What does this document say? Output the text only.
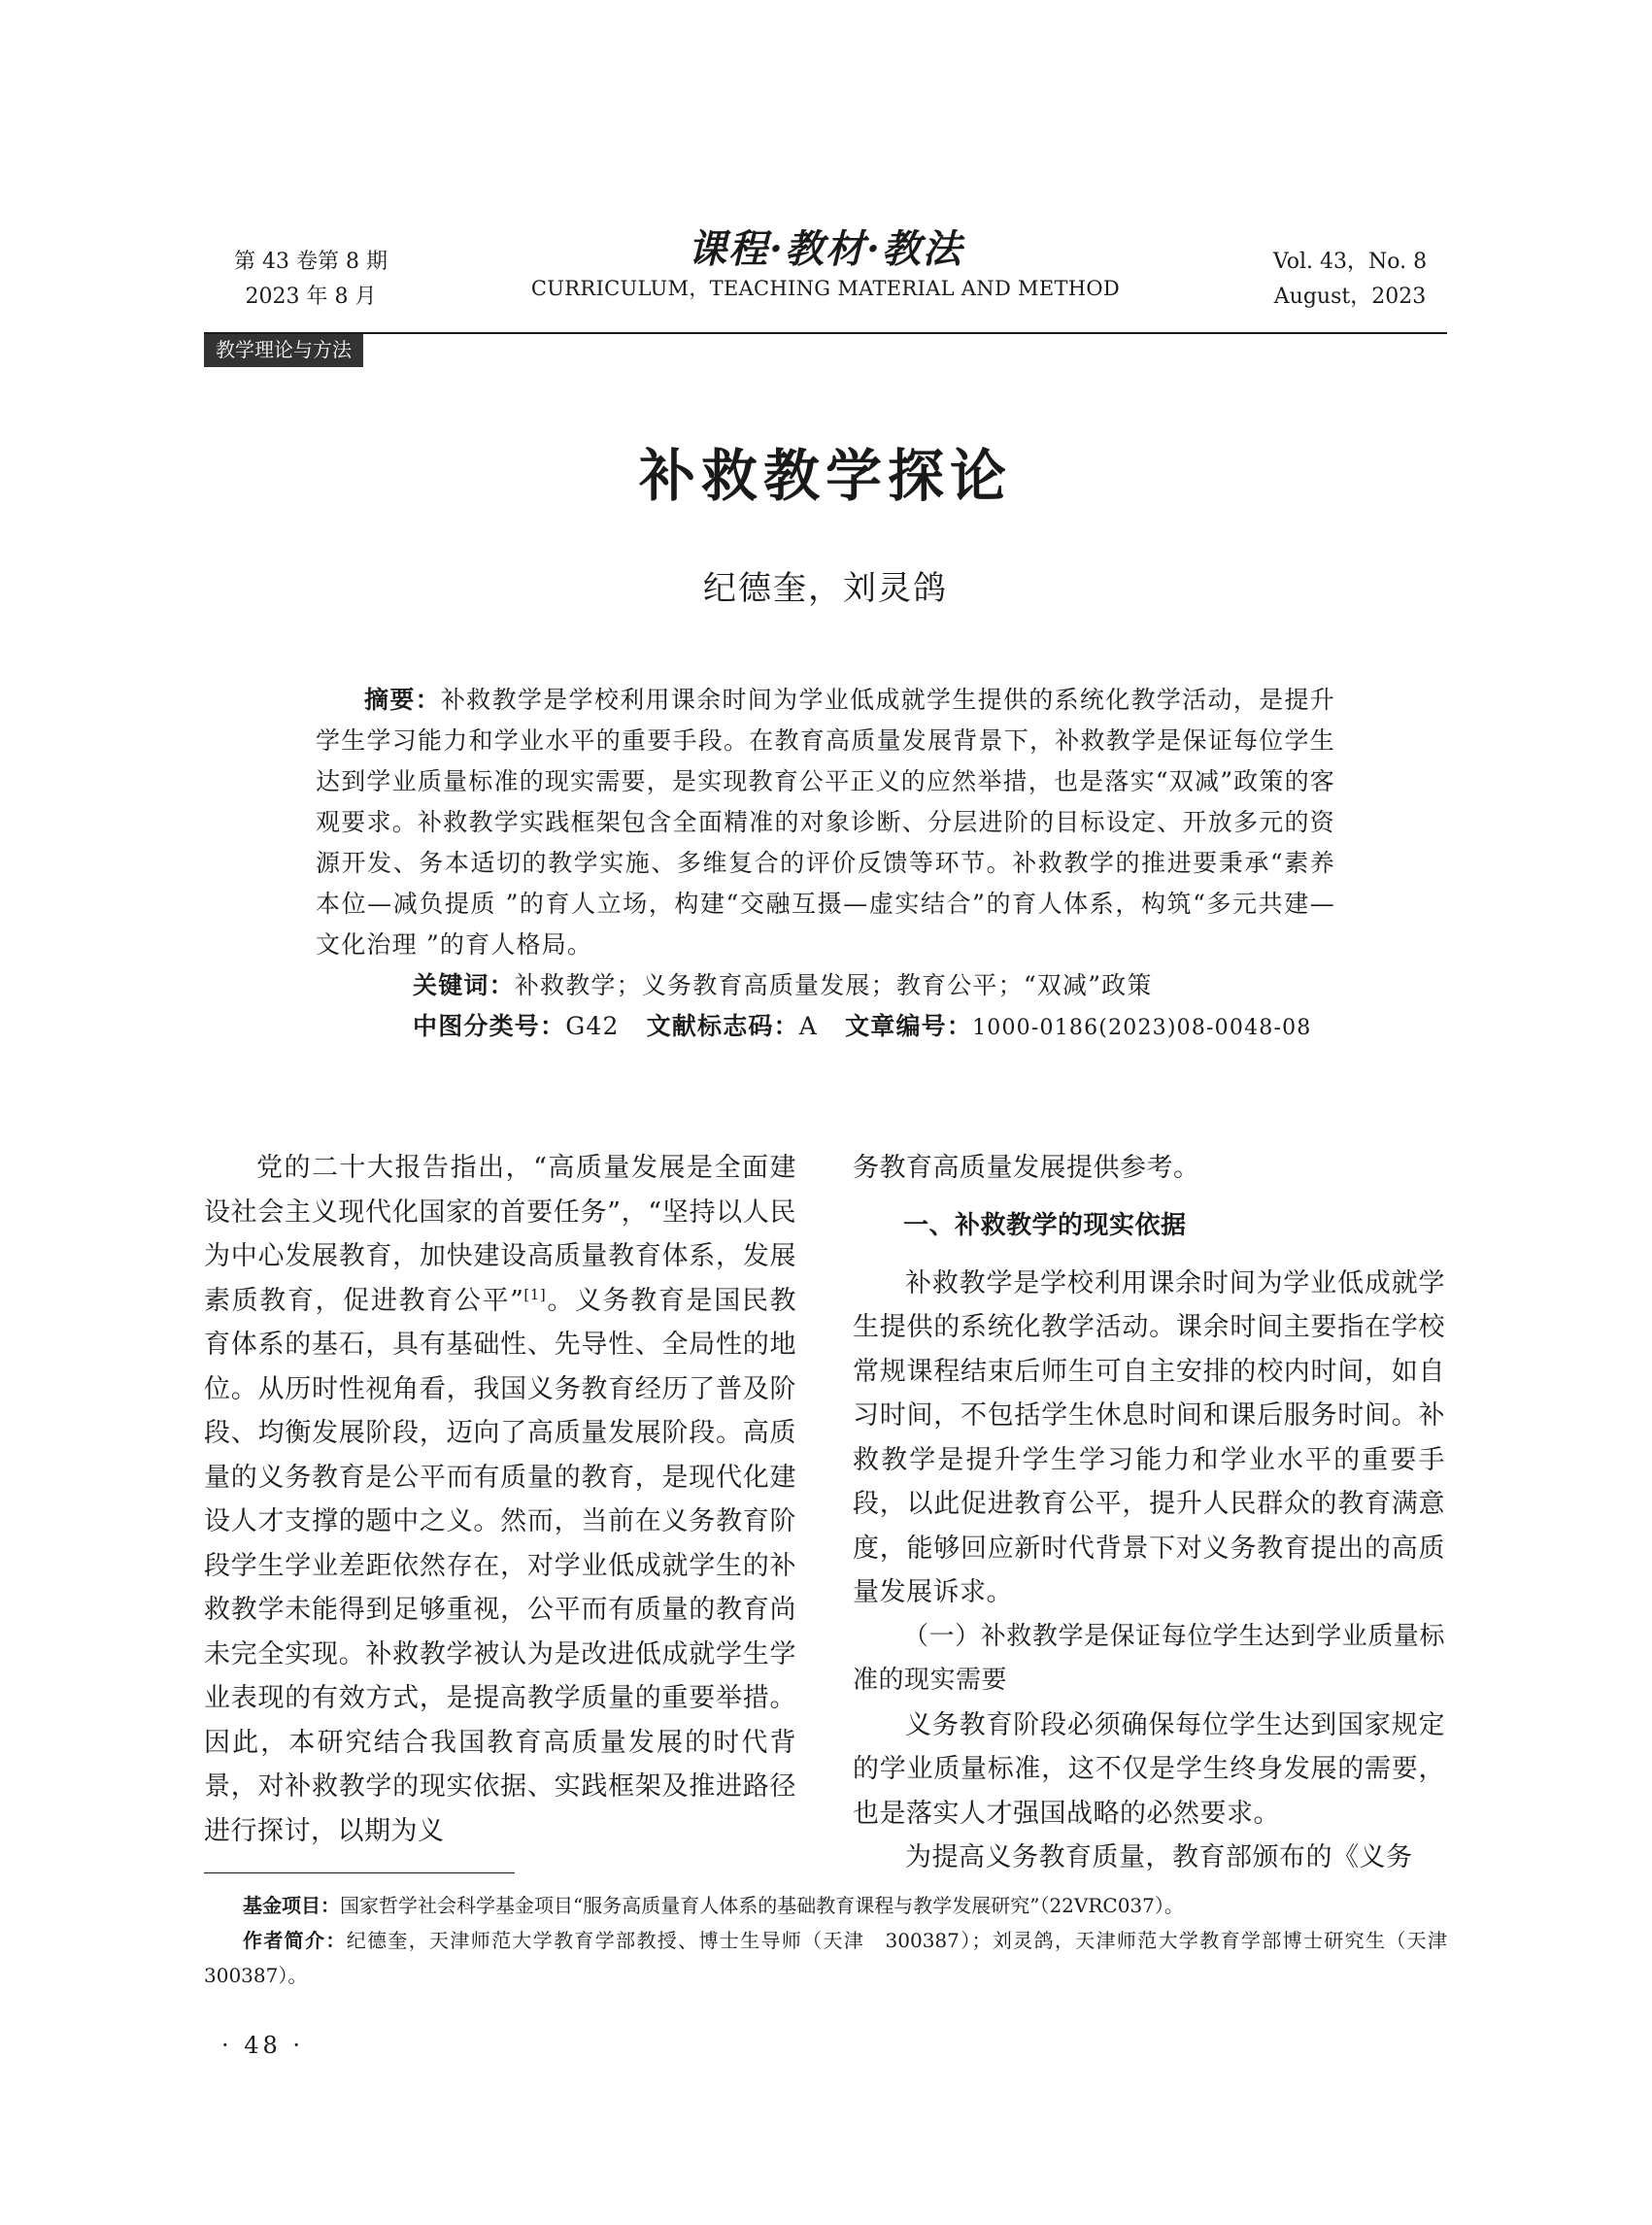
第 43 卷第 8 期
2023 年 8 月
课程·教材·教法
CURRICULUM，TEACHING MATERIAL AND METHOD
Vol. 43，No. 8
August，2023
教学理论与方法
补救教学探论
纪德奎，刘灵鸽

摘要：补救教学是学校利用课余时间为学业低成就学生提供的系统化教学活动，是提升学生学习能力和学业水平的重要手段。在教育高质量发展背景下，补救教学是保证每位学生达到学业质量标准的现实需要，是实现教育公平正义的应然举措，也是落实“双减”政策的客观要求。补救教学实践框架包含全面精准的对象诊断、分层进阶的目标设定、开放多元的资源开发、务本适切的教学实施、多维复合的评价反馈等环节。补救教学的推进要秉承“素养本位—减负提质 ”的育人立场，构建“交融互摄—虚实结合”的育人体系，构筑“多元共建—文化治理 ”的育人格局。

关键词：补救教学；义务教育高质量发展；教育公平；“双减”政策

中图分类号：G42 文献标志码：A 文章编号：1000-0186(2023)08-0048-08

党的二十大报告指出，“高质量发展是全面建设社会主义现代化国家的首要任务”，“坚持以人民为中心发展教育，加快建设高质量教育体系，发展素质教育，促进教育公平”[1]。义务教育是国民教育体系的基石，具有基础性、先导性、全局性的地位。从历时性视角看，我国义务教育经历了普及阶段、均衡发展阶段，迈向了高质量发展阶段。高质量的义务教育是公平而有质量的教育，是现代化建设人才支撑的题中之义。然而，当前在义务教育阶段学生学业差距依然存在，对学业低成就学生的补救教学未能得到足够重视，公平而有质量的教育尚未完全实现。补救教学被认为是改进低成就学生学业表现的有效方式，是提高教学质量的重要举措。因此，本研究结合我国教育高质量发展的时代背景，对补救教学的现实依据、实践框架及推进路径进行探讨，以期为义

务教育高质量发展提供参考。

一、补救教学的现实依据

补救教学是学校利用课余时间为学业低成就学生提供的系统化教学活动。课余时间主要指在学校常规课程结束后师生可自主安排的校内时间，如自习时间，不包括学生休息时间和课后服务时间。补救教学是提升学生学习能力和学业水平的重要手段，以此促进教育公平，提升人民群众的教育满意度，能够回应新时代背景下对义务教育提出的高质量发展诉求。

（一）补救教学是保证每位学生达到学业质量标准的现实需要

义务教育阶段必须确保每位学生达到国家规定的学业质量标准，这不仅是学生终身发展的需要，也是落实人才强国战略的必然要求。

为提高义务教育质量，教育部颁布的《义务

基金项目：国家哲学社会科学基金项目“服务高质量育人体系的基础教育课程与教学发展研究”（22VRC037）。

作者简介：纪德奎，天津师范大学教育学部教授、博士生导师（天津　300387）；刘灵鸽，天津师范大学教育学部博士研究生（天津　300387）。

· 48 ·
